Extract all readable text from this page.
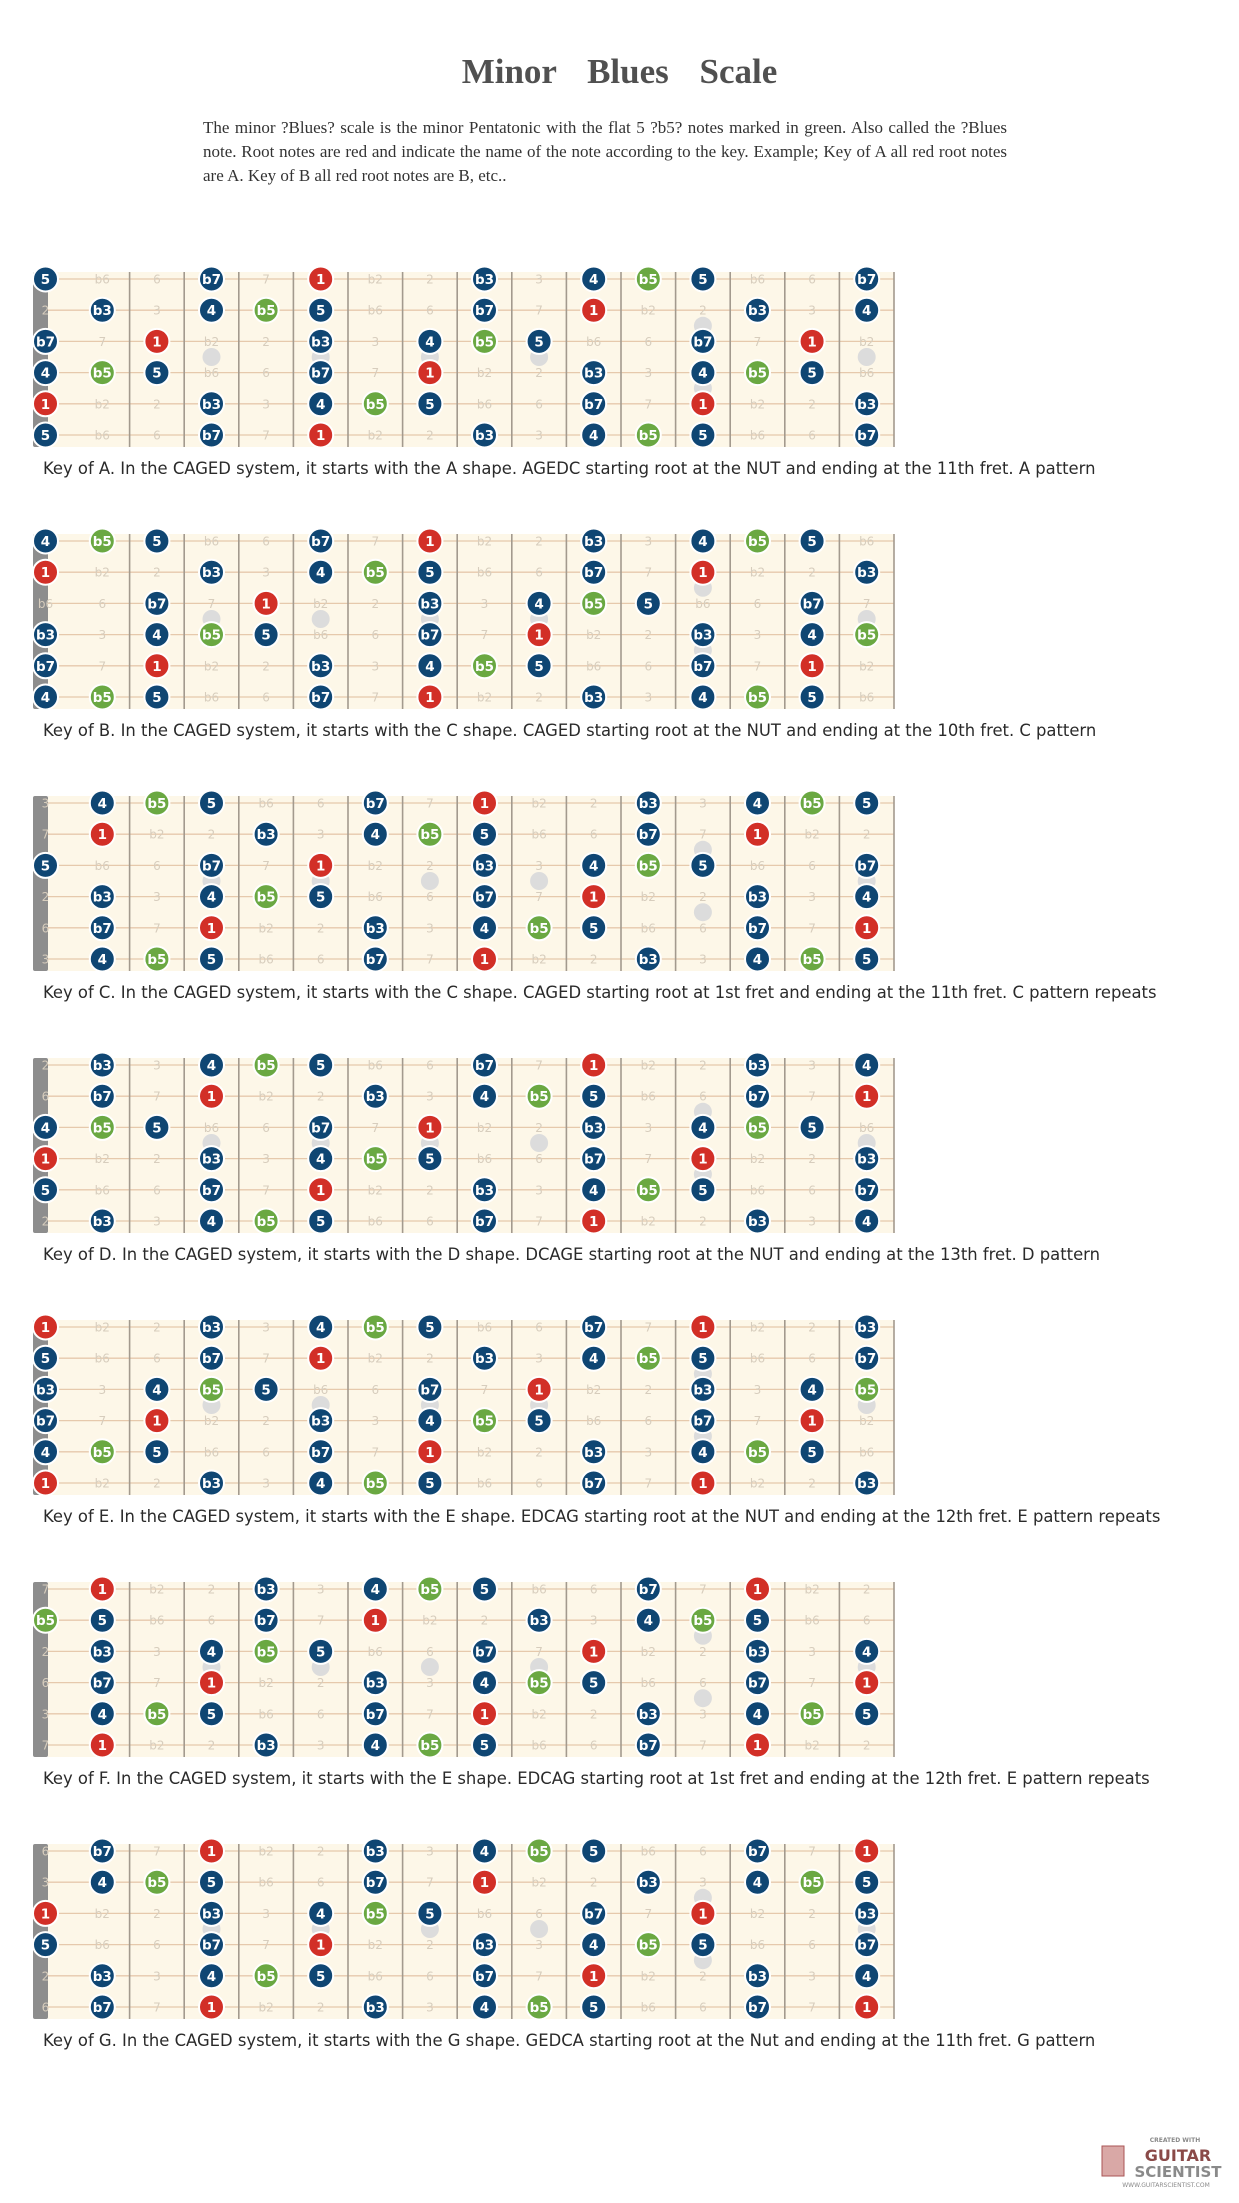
Minor Blues Scale
The minor ?Blues? scale is the minor Pentatonic with the flat 5 ?b5? notes marked in green. Also called the ?Blues note. Root notes are red and indicate the name of the note according to the key. Example; Key of A all red root notes are A. Key of B all red root notes are B, etc..
5	b6	6	b7	7	1	b2	2	b3	3	4	b5	5	b6	6	b7
2	b3	3	4	b5	5	b6	6	b7	7	1	b2	2	b3	3	4
b7	7	1	b2	2	b3	3	4	b5	5	b6	6	b7	7	1	b2
4	b5	5	b6	6	b7	7	1	b2	2	b3	3	4	b5	5	b6
1	b2	2	b3	3	4	b5	5	b6	6	b7	7	1	b2	2	b3
5	b6	6	b7	7	1	b2	2	b3	3	4	b5	5	b6	6	b7
Key of A. In the CAGED system, it starts with the A shape. AGEDC starting root at the NUT and ending at the 11th fret. A pattern
4	b5	5	b6	6	b7	7	1	b2	2	b3	3	4	b5	5	b6
1	b2	2	b3	3	4	b5	5	b6	6	b7	7	1	b2	2	b3
b6	6	b7	7	1	b2	2	b3	3	4	b5	5	b6	6	b7	7
b3	3	4	b5	5	b6	6	b7	7	1	b2	2	b3	3	4	b5
b7	7	1	b2	2	b3	3	4	b5	5	b6	6	b7	7	1	b2
4	b5	5	b6	6	b7	7	1	b2	2	b3	3	4	b5	5	b6
Key of B. In the CAGED system, it starts with the C shape. CAGED starting root at the NUT and ending at the 10th fret. C pattern
3	4	b5	5	b6	6	b7	7	1	b2	2	b3	3	4	b5	5
7	1	b2	2	b3	3	4	b5	5	b6	6	b7	7	1	b2	2
5	b6	6	b7	7	1	b2	2	b3	3	4	b5	5	b6	6	b7
2	b3	3	4	b5	5	b6	6	b7	7	1	b2	2	b3	3	4
6	b7	7	1	b2	2	b3	3	4	b5	5	b6	6	b7	7	1
3	4	b5	5	b6	6	b7	7	1	b2	2	b3	3	4	b5	5
Key of C. In the CAGED system, it starts with the C shape. CAGED starting root at 1st fret and ending at the 11th fret. C pattern repeats
2	b3	3	4	b5	5	b6	6	b7	7	1	b2	2	b3	3	4
6	b7	7	1	b2	2	b3	3	4	b5	5	b6	6	b7	7	1
4	b5	5	b6	6	b7	7	1	b2	2	b3	3	4	b5	5	b6
1	b2	2	b3	3	4	b5	5	b6	6	b7	7	1	b2	2	b3
5	b6	6	b7	7	1	b2	2	b3	3	4	b5	5	b6	6	b7
2	b3	3	4	b5	5	b6	6	b7	7	1	b2	2	b3	3	4
Key of D. In the CAGED system, it starts with the D shape. DCAGE starting root at the NUT and ending at the 13th fret. D pattern
1	b2	2	b3	3	4	b5	5	b6	6	b7	7	1	b2	2	b3
5	b6	6	b7	7	1	b2	2	b3	3	4	b5	5	b6	6	b7
b3	3	4	b5	5	b6	6	b7	7	1	b2	2	b3	3	4	b5
b7	7	1	b2	2	b3	3	4	b5	5	b6	6	b7	7	1	b2
4	b5	5	b6	6	b7	7	1	b2	2	b3	3	4	b5	5	b6
1	b2	2	b3	3	4	b5	5	b6	6	b7	7	1	b2	2	b3
Key of E. In the CAGED system, it starts with the E shape. EDCAG starting root at the NUT and ending at the 12th fret. E pattern repeats
7	1	b2	2	b3	3	4	b5	5	b6	6	b7	7	1	b2	2
b5	5	b6	6	b7	7	1	b2	2	b3	3	4	b5	5	b6	6
2	b3	3	4	b5	5	b6	6	b7	7	1	b2	2	b3	3	4
6	b7	7	1	b2	2	b3	3	4	b5	5	b6	6	b7	7	1
3	4	b5	5	b6	6	b7	7	1	b2	2	b3	3	4	b5	5
7	1	b2	2	b3	3	4	b5	5	b6	6	b7	7	1	b2	2
Key of F. In the CAGED system, it starts with the E shape. EDCAG starting root at 1st fret and ending at the 12th fret. E pattern repeats
6	b7	7	1	b2	2	b3	3	4	b5	5	b6	6	b7	7	1
3	4	b5	5	b6	6	b7	7	1	b2	2	b3	3	4	b5	5
1	b2	2	b3	3	4	b5	5	b6	6	b7	7	1	b2	2	b3
5	b6	6	b7	7	1	b2	2	b3	3	4	b5	5	b6	6	b7
2	b3	3	4	b5	5	b6	6	b7	7	1	b2	2	b3	3	4
6	b7	7	1	b2	2	b3	3	4	b5	5	b6	6	b7	7	1
Key of G. In the CAGED system, it starts with the G shape. GEDCA starting root at the Nut and ending at the 11th fret. G pattern
CREATED WITH
GUITAR
SCIENTIST
WWW.GUITARSCIENTIST.COM
